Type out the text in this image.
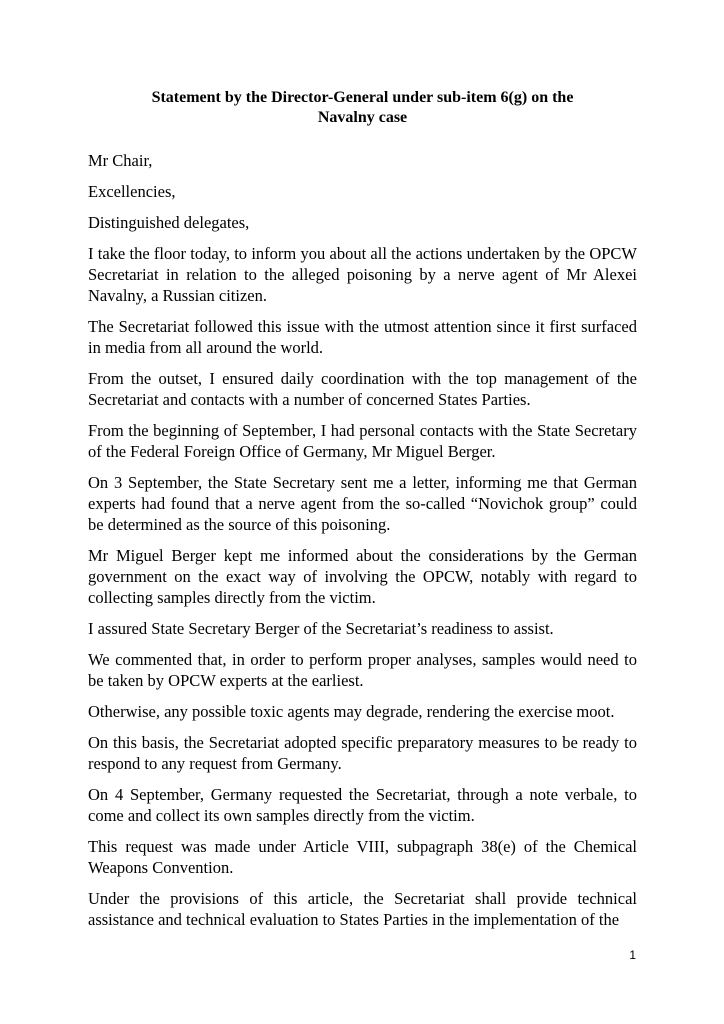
Statement by the Director-General under sub-item 6(g) on the
Navalny case

Mr Chair,

Excellencies,

Distinguished delegates,

I take the floor today, to inform you about all the actions undertaken by the OPCW Secretariat in relation to the alleged poisoning by a nerve agent of Mr Alexei Navalny, a Russian citizen.

The Secretariat followed this issue with the utmost attention since it first surfaced in media from all around the world.

From the outset, I ensured daily coordination with the top management of the Secretariat and contacts with a number of concerned States Parties.

From the beginning of September, I had personal contacts with the State Secretary of the Federal Foreign Office of Germany, Mr Miguel Berger.

On 3 September, the State Secretary sent me a letter, informing me that German experts had found that a nerve agent from the so-called “Novichok group” could be determined as the source of this poisoning.

Mr Miguel Berger kept me informed about the considerations by the German government on the exact way of involving the OPCW, notably with regard to collecting samples directly from the victim.

I assured State Secretary Berger of the Secretariat’s readiness to assist.

We commented that, in order to perform proper analyses, samples would need to be taken by OPCW experts at the earliest.

Otherwise, any possible toxic agents may degrade, rendering the exercise moot.

On this basis, the Secretariat adopted specific preparatory measures to be ready to respond to any request from Germany.

On 4 September, Germany requested the Secretariat, through a note verbale, to come and collect its own samples directly from the victim.

This request was made under Article VIII, subpagraph 38(e) of the Chemical Weapons Convention.

Under the provisions of this article, the Secretariat shall provide technical assistance and technical evaluation to States Parties in the implementation of the

1
